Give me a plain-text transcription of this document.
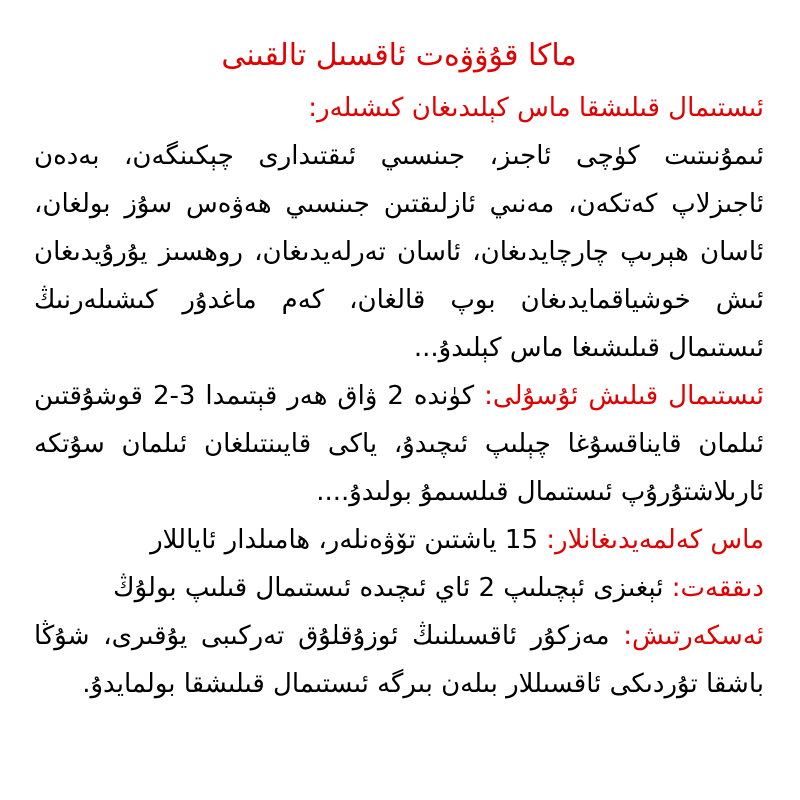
ماكا قۇۋۋەت ئاقسىل تالقىنى
ئىستىمال قىلىشقا ماس كېلىدىغان كىشىلەر:
ئىمۇنىتىت كۈچى ئاجىز، جىنسىي ئىقتىدارى چېكىنگەن، بەدەن ئاجىزلاپ كەتكەن، مەنىي ئازلىقتىن جىنسىي ھەۋەس سۇز بولغان، ئاسان ھېرىپ چارچايدىغان، ئاسان تەرلەيدىغان، روھسىز يۇرۇيدىغان ئىش خوشياقمايدىغان بوپ قالغان، كەم ماغدۇر كىشىلەرنىڭ ئىستىمال قىلىشىغا ماس كېلىدۇ...
ئىستىمال قىلىش ئۇسۇلى: كۈندە 2 ۋاق ھەر قېتىمدا 3-2 قوشۇقتىن ئىلمان قايناقسۇغا چېلىپ ئىچىدۇ، ياكى قايىنتىلغان ئىلمان سۇتكە ئارىلاشتۇرۇپ ئىستىمال قىلسىمۇ بولىدۇ....
ماس كەلمەيدىغانلار: 15 ياشتىن تۆۋەنلەر، ھامىلدار ئاياللار
دىققەت: ئېغىزى ئېچىلىپ 2 ئاي ئىچىدە ئىستىمال قىلىپ بولۇڭ
ئەسكەرتىش: مەزكۇر ئاقسىلنىڭ ئوزۇقلۇق تەركىبى يۇقىرى، شۇڭا باشقا تۇردىكى ئاقسىللار بىلەن بىرگە ئىستىمال قىلىشقا بولمايدۇ.
